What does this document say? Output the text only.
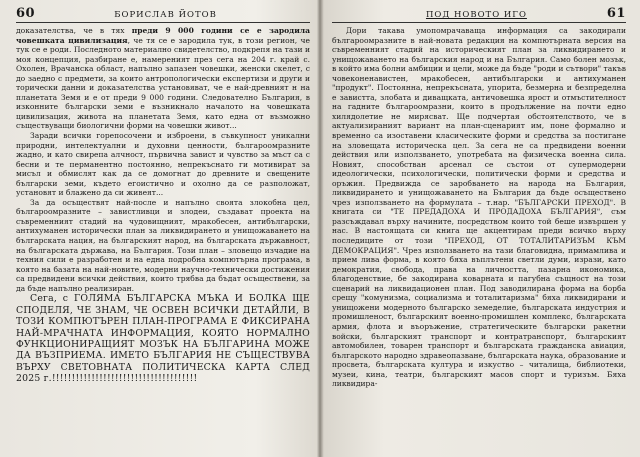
60	БОРИСЛАВ ЙОТОВ

доказателства, че в тях преди 9 000 години се е зародила човешката цивилизация, че тя се е зародила тук, в този регион, че тук се е роди. Последното материално свидетелство, подкрепя на тази и моя концепция, разбиране е, намереният през сега на 204 г. край с. Охолен, Врачанска област, напълно запазен човешки, женски скелет, с до заедно с предмети, за които антропологически експертизи и други и торически данни и доказателства установяват, че е най-древният н на планетата Земя и е от преди 9 000 години. Следователно България, в изконните български земи е възникнало началото на човешката цивилизация, живота на планетата Земя, като една от възможно съществуващи биологични форми на човешки живот...

Заради всички горепосочени и изброени, в съвкупност уникални природни, интелектуални и духовни ценности, българоомразните жадно, и като свирепа алчност, първична завист и чувство за мъст са с бесни и те перманентно постоянно, непрекъснато ги мотивират за мисъл и обмислят как да се домогнат до древните и свещените български земи, където егоистично и охолно да се разположат, установят и блажено да си живеят...

За да осъществят най-после и напълно своята злокобна цел, българоомразните – завистливци и злодеи, създават проекта на съвременният стадий на чудовищният, мракобесен, антибългарски, антихуманен исторически план за ликвидирането и унищожаването на българската нация, на българският народ, на българската държавност, на българската държава, на България. Този план – зловещо изчадие на техния сили е разработен и на една подробна компютърна програма, в която на базата на най-новите, модерни научно-технически достижения са предвидени всички действия, които трябва да бъдат осъществени, за да бъде напълно реализиран.

Сега, с ГОЛЯМА БЪЛГАРСКА МЪКА И БОЛКА ЩЕ СПОДЕЛЯ, ЧЕ ЗНАМ, ЧЕ ОСВЕН ВСИЧКИ ДЕТАЙЛИ, В ТОЗИ КОМПЮТЪРЕН ПЛАН-ПРОГРАМА Е ФИКСИРАНА НАЙ-МРАЧНАТА ИНФОРМАЦИЯ, КОЯТО НОРМАЛНО ФУНКЦИОНИРАЩИЯТ МОЗЪК НА БЪЛГАРИНА МОЖЕ ДА ВЪЗПРИЕМА. ИМЕТО БЪЛГАРИЯ НЕ СЪЩЕСТВУВА ВЪРХУ СВЕТОВНАТА ПОЛИТИЧЕСКА КАРТА СЛЕД 2025 г.!!!!!!!!!!!!!!!!!!!!!!!!!!!!!!!!!!!!!

ПОД НОВОТО ИГО	61

Дори такава умопомрачаваща информация са закодирали българоомразните в най-новата редакция на компютърната версия на съвременният стадий на историческият план за ликвидирането и унищожаването на българския народ и на България. Само болен мозък, в който има болни амбиции и цели, може да бъде "роди и сътвори" такъв човеконенавистен, мракобесен, антибългарски и антихуманен "продукт". Постоянна, непрекъсната, упорита, безмерна и безпределна е завистта, злобата и диващката, античовешка ярост и отмъстителност на гадните българоомразни, които в продължение на почти едно хилядолетие не мирясват. Ще подчертая обстоятелството, че в актуализираният вариант на план-сценарият им, поне формално и временно са изоставени класическите форми и средства за постигане на зловещата историческа цел. За сега не са предвидени военни действия или използването, употребата на физическа военна сила. Новият, способстван арсенал се състои от супермодерни идеологически, психологически, политически форми и средства и оръжия. Предвижда се заробването на народа на България, ликвидирането и унищожаването на България да бъде осъществено чрез използването на формулата – т.нар. "БЪЛГАРСКИ ПРЕХОД". В книгата си "ТЕ ПРЕДАДОХА И ПРОДАДОХА БЪЛГАРИЯ", съм разсъждавал върху начините, посредством които той беше извършен у нас. В настоящата си книга ще акцентирам преди всичко върху последиците от този "ПРЕХОД, ОТ ТОТАЛИТАРИЗЪМ КЪМ ДЕМОКРАЦИЯ". Чрез използването на тази благовидна, примамлива и прием лива форма, в която бяха въплътени светли думи, изрази, като демократия, свобода, права на личността, пазарна икономика, благоденствие, бе закодирана коварната и пагубна същност на този сценарий на ликвидационен план. Под заводилирана форма на борба срещу "комунизма, социализма и тоталитаризма" бяха ликвидирани и унищожени модерното българско земеделие, българската индустрия и промишленост, българският военно-промишлен комплекс, българската армия, флота и въоръжение, стратегическите български ракетни войски, българският транспорт и контратранспорт, българският автомобилен, товарен транспорт и българската гражданска авиация, българското народно здравеопазване, българската наука, образование и просвета, българската култура и изкуство – читалища, библиотеки, музеи, кина, театри, българският масов спорт и туризъм. Бяха ликвидира-
